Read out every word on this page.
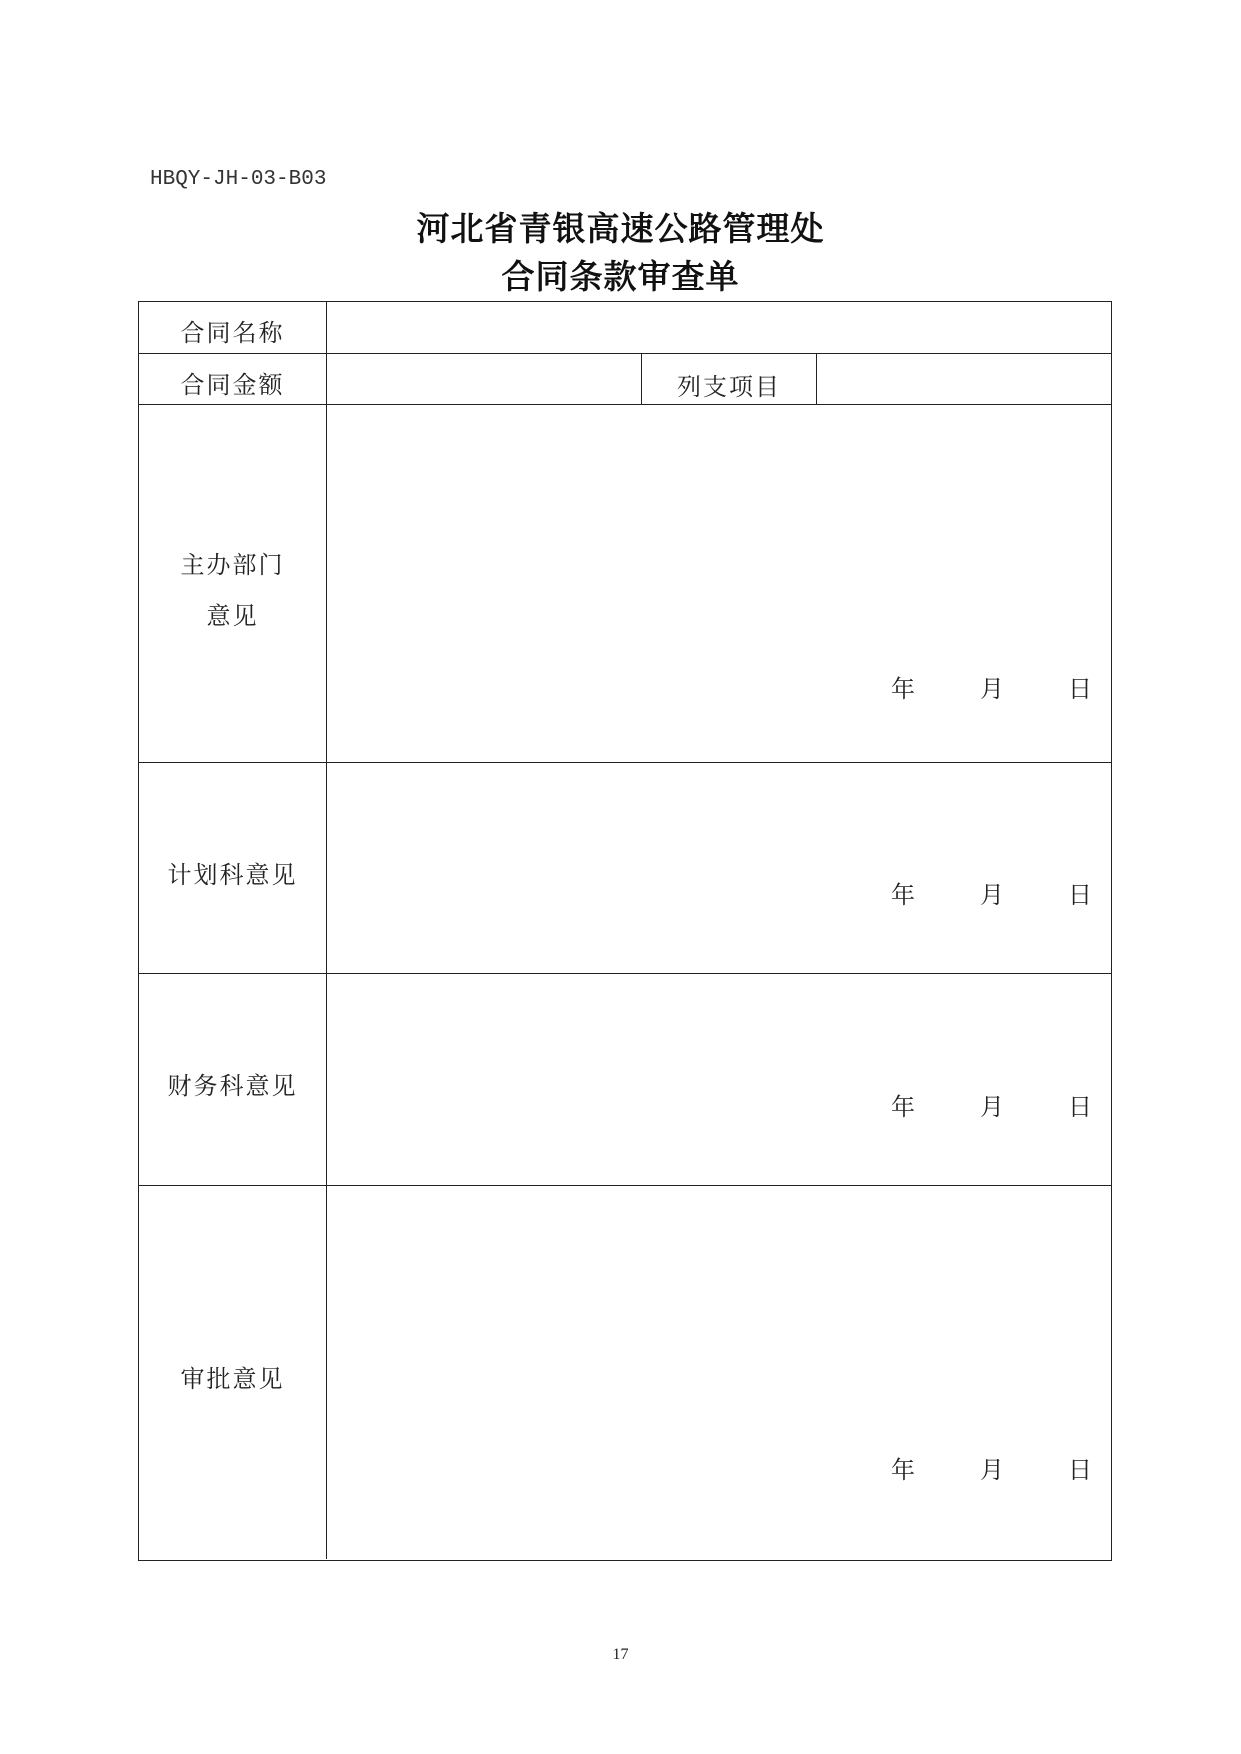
HBQY-JH-03-B03
河北省青银高速公路管理处
合同条款审查单
合同名称
合同金额	列支项目
主办部门
意见
年	月	日
计划科意见
年	月	日
财务科意见
年	月	日
审批意见
年	月	日
17
